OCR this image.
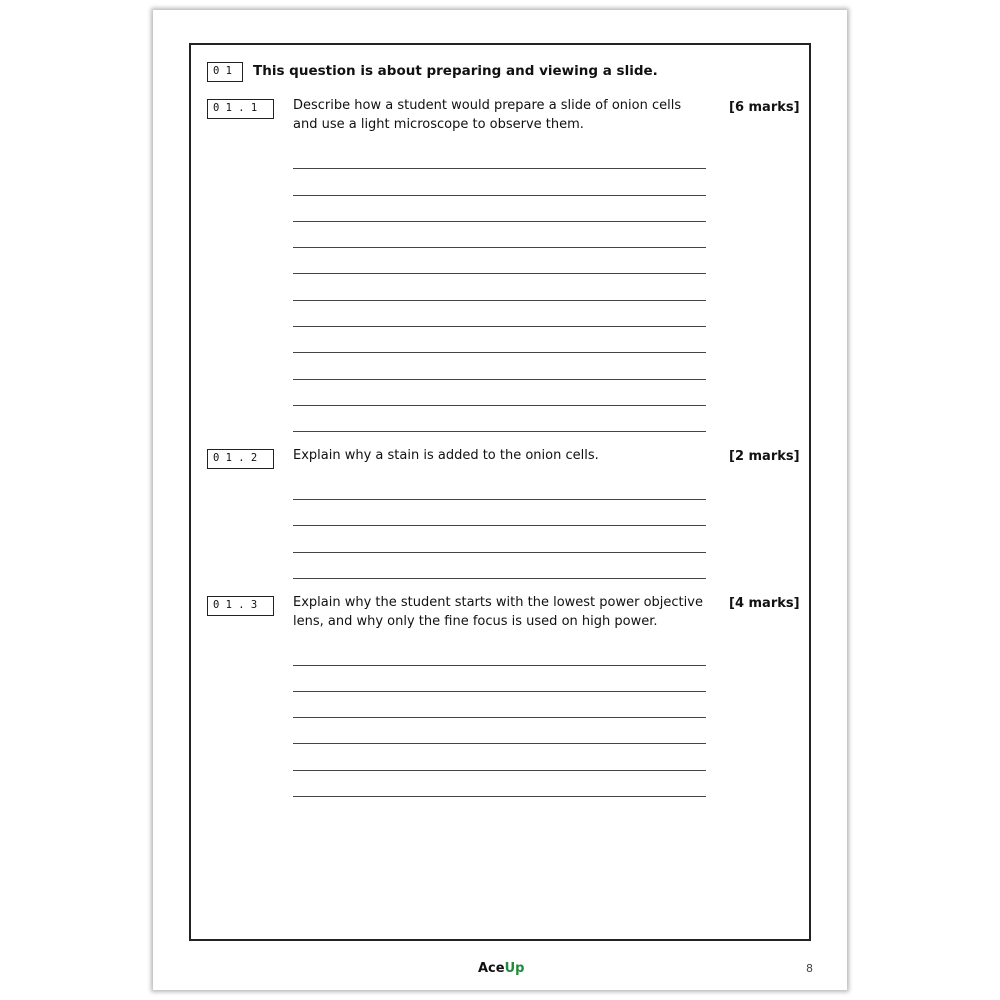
0 1	This question is about preparing and viewing a slide.
0 1 . 1	Describe how a student would prepare a slide of onion cells and use a light microscope to observe them.
[6 marks]
0 1 . 2	Explain why a stain is added to the onion cells.	[2 marks]
0 1 . 3	Explain why the student starts with the lowest power objective lens, and why only the fine focus is used on high power.
[4 marks]
AceUp	8
